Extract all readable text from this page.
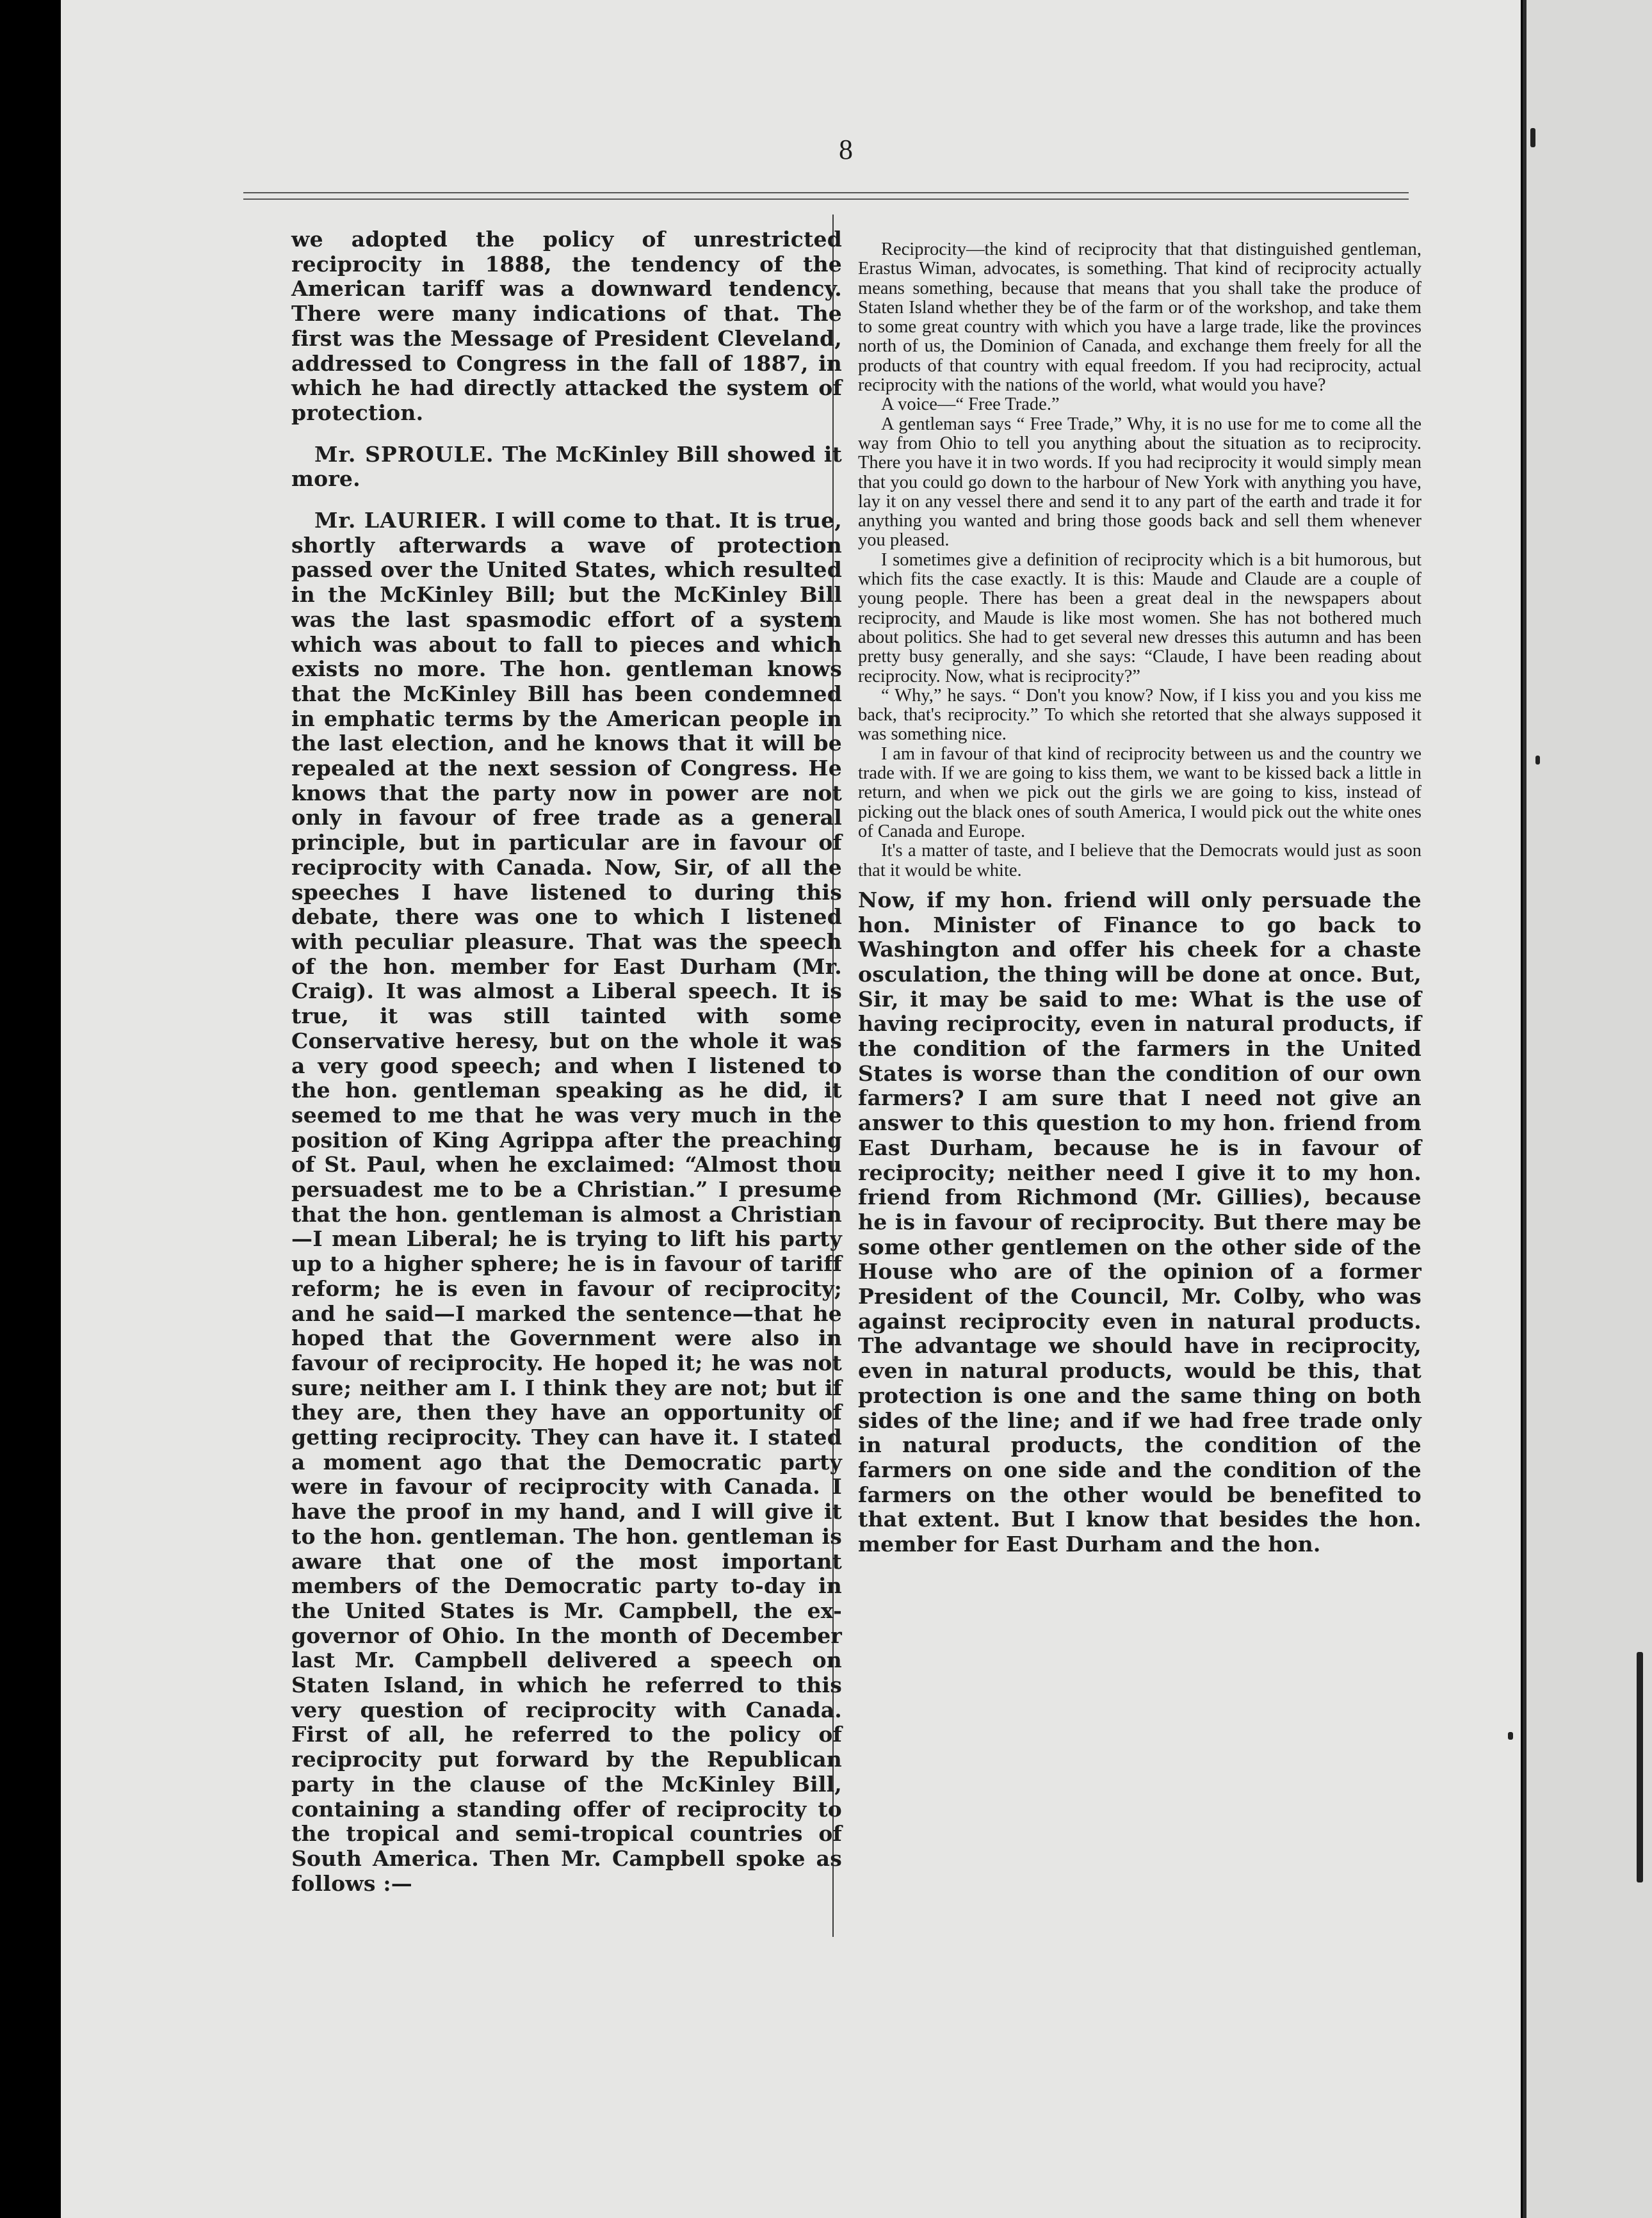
8

we adopted the policy of unrestricted reciprocity in 1888, the tendency of the American tariff was a downward tendency. There were many indications of that. The first was the Message of President Cleveland, addressed to Congress in the fall of 1887, in which he had directly attacked the system of protection.

Mr. SPROULE. The McKinley Bill showed it more.

Mr. LAURIER. I will come to that. It is true, shortly afterwards a wave of protection passed over the United States, which resulted in the McKinley Bill; but the McKinley Bill was the last spasmodic effort of a system which was about to fall to pieces and which exists no more. The hon. gentleman knows that the McKinley Bill has been condemned in emphatic terms by the American people in the last election, and he knows that it will be repealed at the next session of Congress. He knows that the party now in power are not only in favour of free trade as a general principle, but in particular are in favour of reciprocity with Canada. Now, Sir, of all the speeches I have listened to during this debate, there was one to which I listened with peculiar pleasure. That was the speech of the hon. member for East Durham (Mr. Craig). It was almost a Liberal speech. It is true, it was still tainted with some Conservative heresy, but on the whole it was a very good speech; and when I listened to the hon. gentleman speaking as he did, it seemed to me that he was very much in the position of King Agrippa after the preaching of St. Paul, when he exclaimed: “Almost thou persuadest me to be a Christian.” I presume that the hon. gentleman is almost a Christian—I mean Liberal; he is trying to lift his party up to a higher sphere; he is in favour of tariff reform; he is even in favour of reciprocity; and he said—I marked the sentence—that he hoped that the Government were also in favour of reciprocity. He hoped it; he was not sure; neither am I. I think they are not; but if they are, then they have an opportunity of getting reciprocity. They can have it. I stated a moment ago that the Democratic party were in favour of reciprocity with Canada. I have the proof in my hand, and I will give it to the hon. gentleman. The hon. gentleman is aware that one of the most important members of the Democratic party to-day in the United States is Mr. Campbell, the ex-governor of Ohio. In the month of December last Mr. Campbell delivered a speech on Staten Island, in which he referred to this very question of reciprocity with Canada. First of all, he referred to the policy of reciprocity put forward by the Republican party in the clause of the McKinley Bill, containing a standing offer of reciprocity to the tropical and semi-tropical countries of South America. Then Mr. Campbell spoke as follows :—

Reciprocity—the kind of reciprocity that that distinguished gentleman, Erastus Wiman, advocates, is something. That kind of reciprocity actually means something, because that means that you shall take the produce of Staten Island whether they be of the farm or of the workshop, and take them to some great country with which you have a large trade, like the provinces north of us, the Dominion of Canada, and exchange them freely for all the products of that country with equal freedom. If you had reciprocity, actual reciprocity with the nations of the world, what would you have?

A voice—“ Free Trade.”

A gentleman says “ Free Trade,” Why, it is no use for me to come all the way from Ohio to tell you anything about the situation as to reciprocity. There you have it in two words. If you had reciprocity it would simply mean that you could go down to the harbour of New York with anything you have, lay it on any vessel there and send it to any part of the earth and trade it for anything you wanted and bring those goods back and sell them whenever you pleased.

I sometimes give a definition of reciprocity which is a bit humorous, but which fits the case exactly. It is this: Maude and Claude are a couple of young people. There has been a great deal in the newspapers about reciprocity, and Maude is like most women. She has not bothered much about politics. She had to get several new dresses this autumn and has been pretty busy generally, and she says: “Claude, I have been reading about reciprocity. Now, what is reciprocity?”

“ Why,” he says. “ Don't you know? Now, if I kiss you and you kiss me back, that's reciprocity.” To which she retorted that she always supposed it was something nice.

I am in favour of that kind of reciprocity between us and the country we trade with. If we are going to kiss them, we want to be kissed back a little in return, and when we pick out the girls we are going to kiss, instead of picking out the black ones of south America, I would pick out the white ones of Canada and Europe.

It's a matter of taste, and I believe that the Democrats would just as soon that it would be white.

Now, if my hon. friend will only persuade the hon. Minister of Finance to go back to Washington and offer his cheek for a chaste osculation, the thing will be done at once. But, Sir, it may be said to me: What is the use of having reciprocity, even in natural products, if the condition of the farmers in the United States is worse than the condition of our own farmers? I am sure that I need not give an answer to this question to my hon. friend from East Durham, because he is in favour of reciprocity; neither need I give it to my hon. friend from Richmond (Mr. Gillies), because he is in favour of reciprocity. But there may be some other gentlemen on the other side of the House who are of the opinion of a former President of the Council, Mr. Colby, who was against reciprocity even in natural products. The advantage we should have in reciprocity, even in natural products, would be this, that protection is one and the same thing on both sides of the line; and if we had free trade only in natural products, the condition of the farmers on one side and the condition of the farmers on the other would be benefited to that extent. But I know that besides the hon. member for East Durham and the hon.
